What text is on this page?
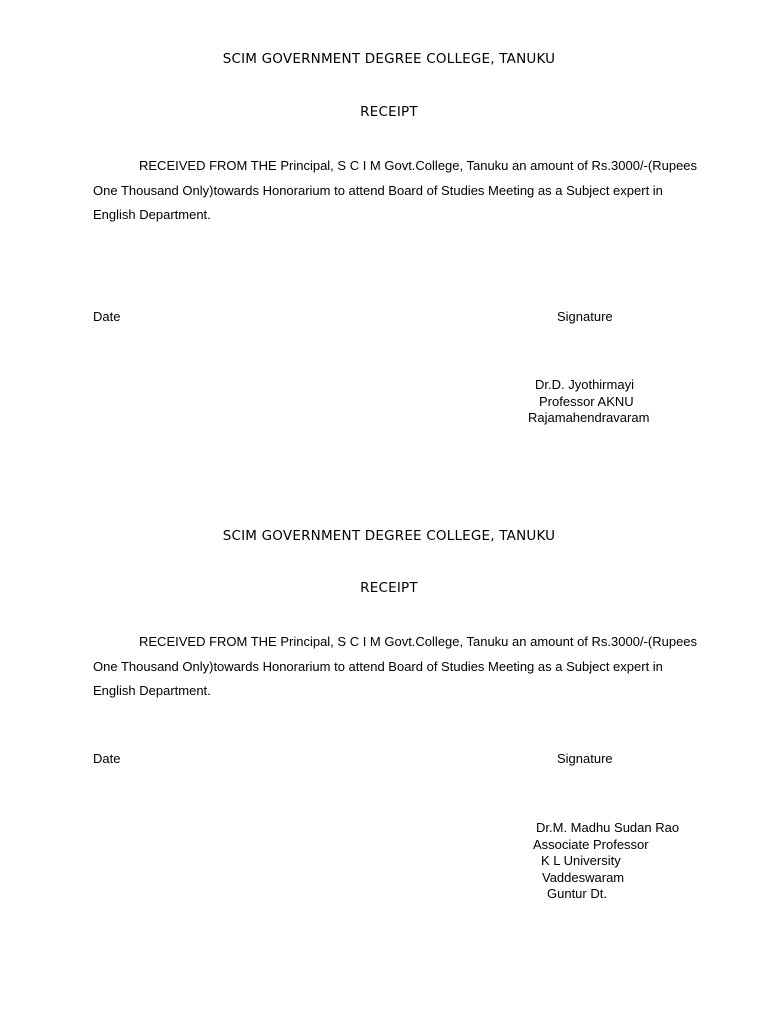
SCIM GOVERNMENT DEGREE COLLEGE, TANUKU
RECEIPT
RECEIVED FROM THE Principal, S C I M Govt.College, Tanuku an amount of Rs.3000/-(Rupees
One Thousand Only)towards Honorarium to attend Board of Studies Meeting as a Subject expert in
English Department.
Date	Signature
Dr.D. Jyothirmayi
Professor AKNU
Rajamahendravaram
SCIM GOVERNMENT DEGREE COLLEGE, TANUKU
RECEIPT
RECEIVED FROM THE Principal, S C I M Govt.College, Tanuku an amount of Rs.3000/-(Rupees
One Thousand Only)towards Honorarium to attend Board of Studies Meeting as a Subject expert in
English Department.
Date	Signature
Dr.M. Madhu Sudan Rao
Associate Professor
K L University
Vaddeswaram
Guntur Dt.
